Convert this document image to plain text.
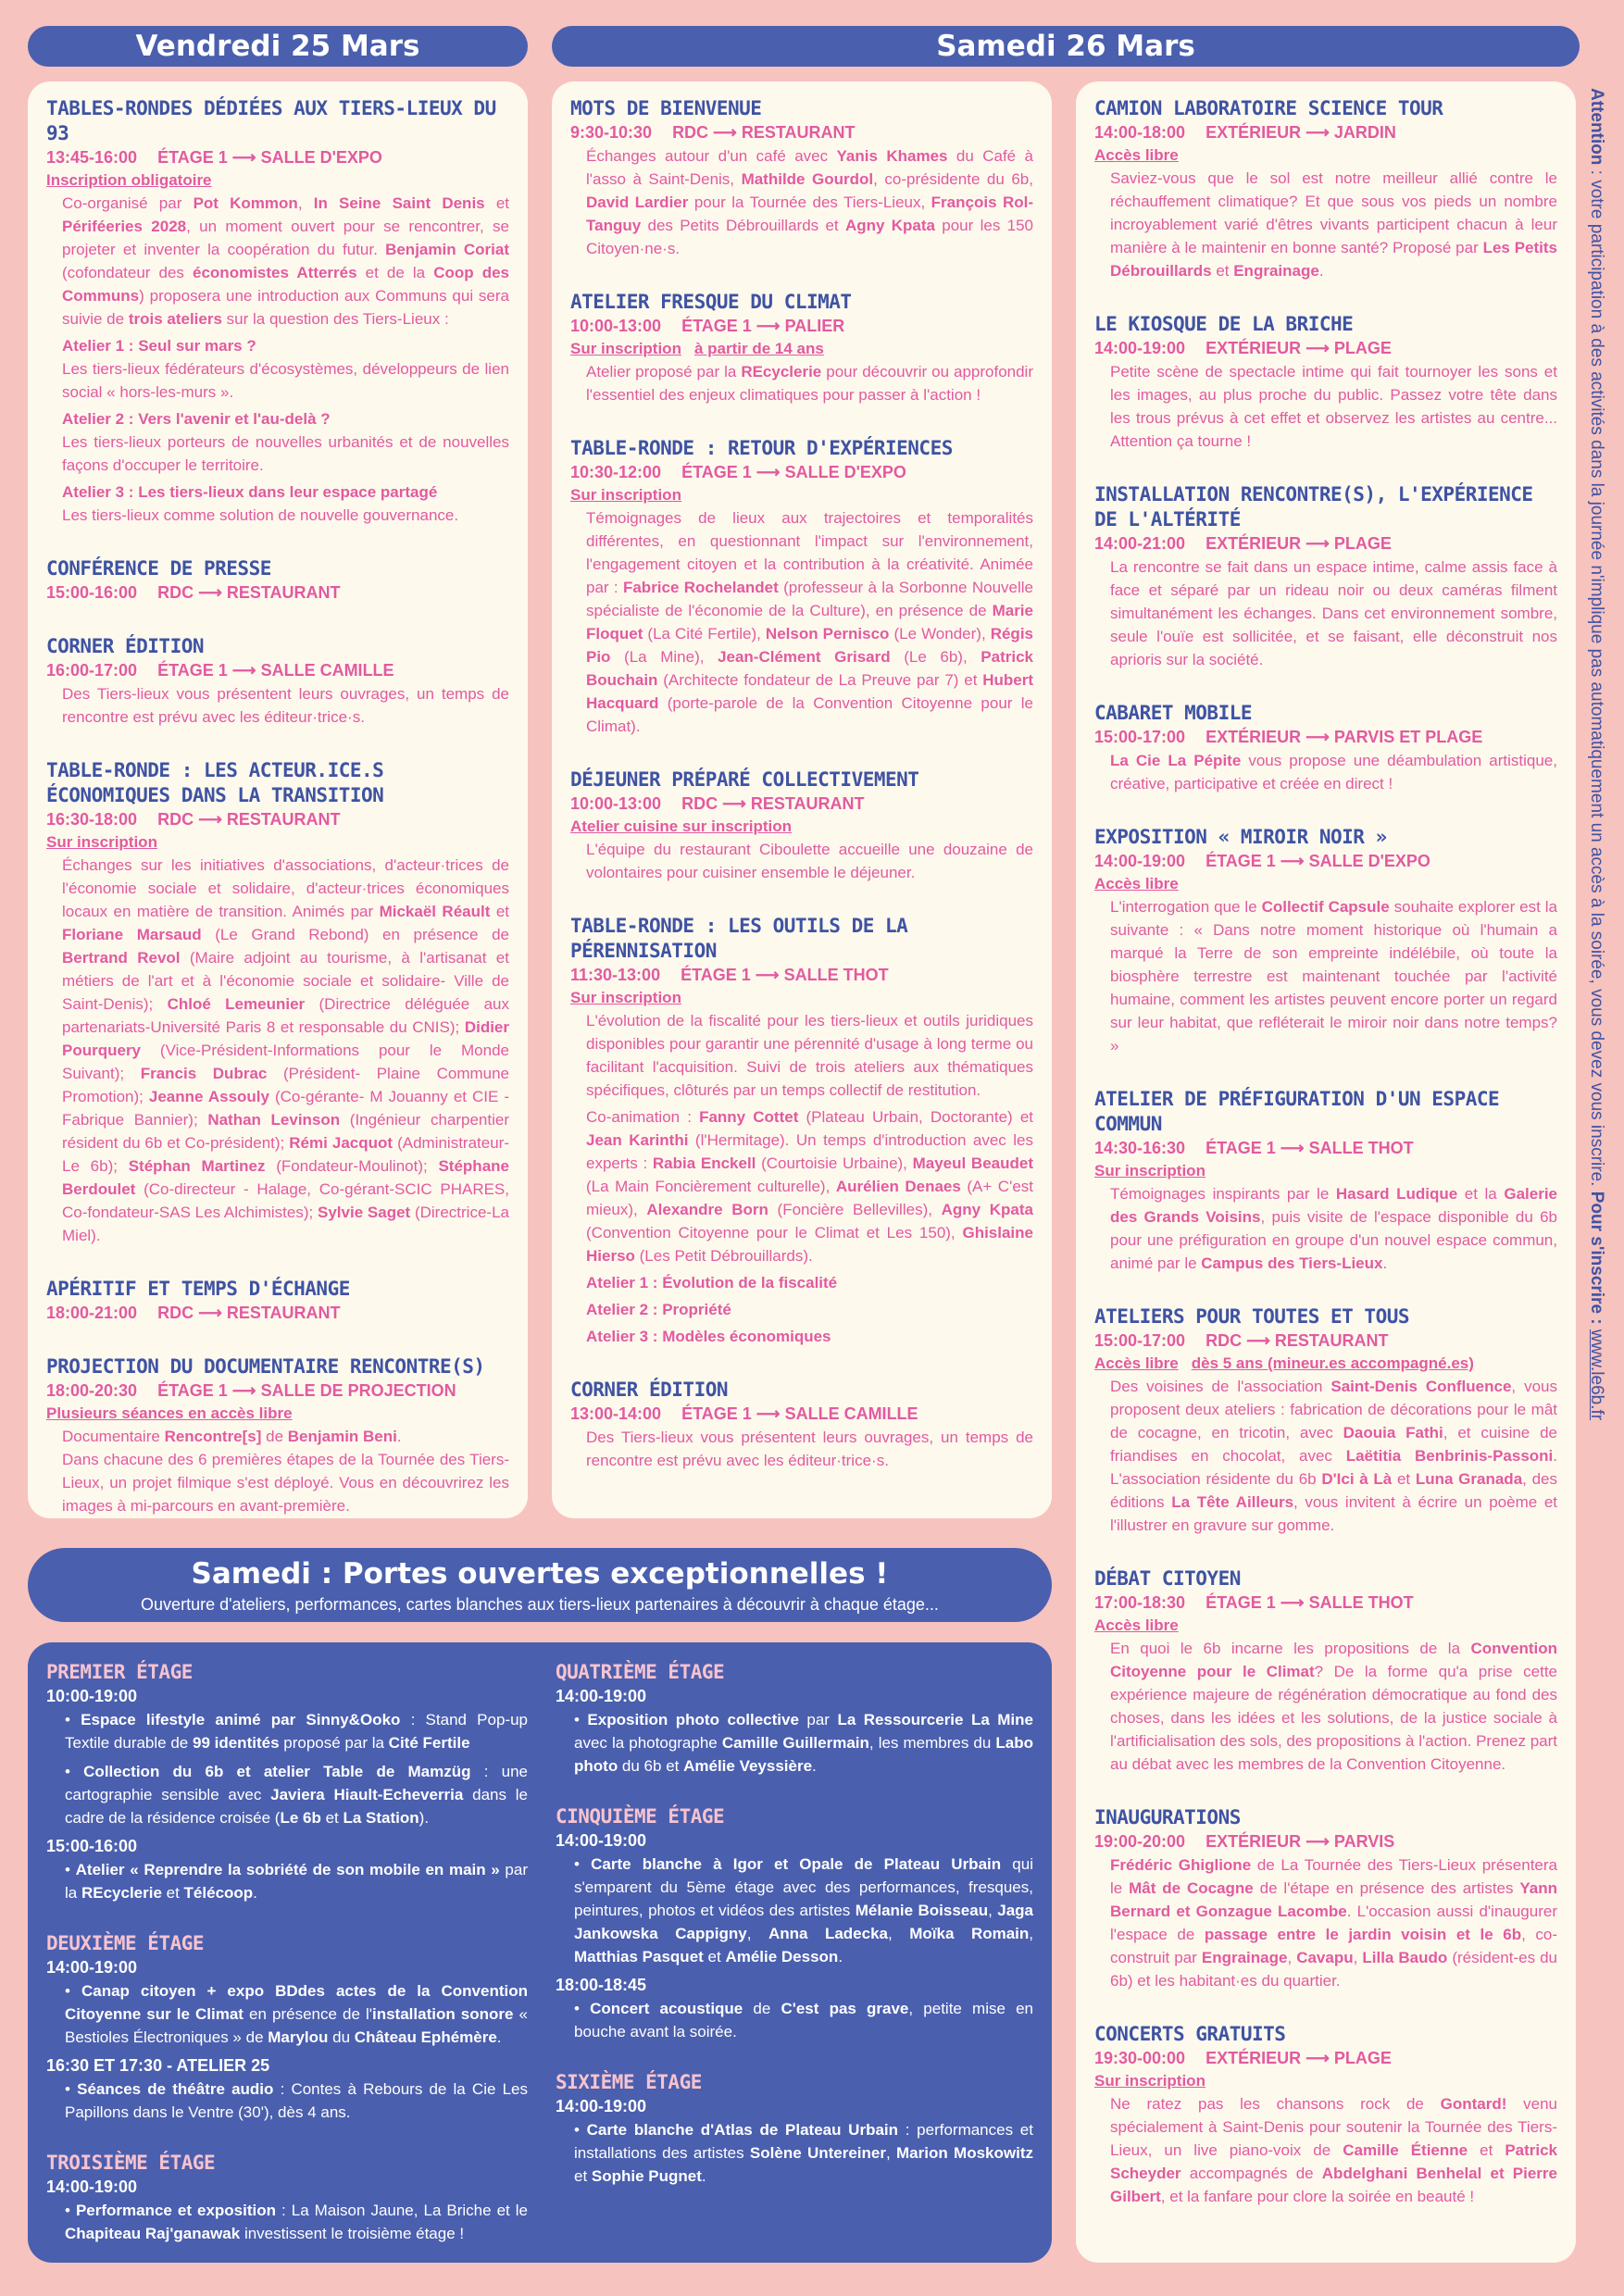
Vendredi 25 Mars	Samedi 26 Mars
TABLES-RONDES DÉDIÉES AUX TIERS-LIEUX DU 93
13:45-16:00 ÉTAGE 1 ⟶ SALLE D'EXPO
Inscription obligatoire

Co-organisé par Pot Kommon, In Seine Saint Denis et Périféeries 2028, un moment ouvert pour se rencontrer, se projeter et inventer la coopération du futur. Benjamin Coriat (cofondateur des économistes Atterrés et de la Coop des Communs) proposera une introduction aux Communs qui sera suivie de trois ateliers sur la question des Tiers-Lieux :

Atelier 1 : Seul sur mars ?
Les tiers-lieux fédérateurs d'écosystèmes, développeurs de lien social « hors-les-murs ».

Atelier 2 : Vers l'avenir et l'au-delà ?
Les tiers-lieux porteurs de nouvelles urbanités et de nouvelles façons d'occuper le territoire.

Atelier 3 : Les tiers-lieux dans leur espace partagé
Les tiers-lieux comme solution de nouvelle gouvernance.

CONFÉRENCE DE PRESSE
15:00-16:00 RDC ⟶ RESTAURANT
CORNER ÉDITION
16:00-17:00 ÉTAGE 1 ⟶ SALLE CAMILLE

Des Tiers-lieux vous présentent leurs ouvrages, un temps de rencontre est prévu avec les éditeur·trice·s.

TABLE-RONDE : LES ACTEUR.ICE.S ÉCONOMIQUES DANS LA TRANSITION
16:30-18:00 RDC ⟶ RESTAURANT
Sur inscription

Échanges sur les initiatives d'associations, d'acteur·trices de l'économie sociale et solidaire, d'acteur·trices économiques locaux en matière de transition. Animés par Mickaël Réault et Floriane Marsaud (Le Grand Rebond) en présence de Bertrand Revol (Maire adjoint au tourisme, à l'artisanat et métiers de l'art et à l'économie sociale et solidaire- Ville de Saint-Denis); Chloé Lemeunier (Directrice déléguée aux partenariats-Université Paris 8 et responsable du CNIS); Didier Pourquery (Vice-Président-Informations pour le Monde Suivant); Francis Dubrac (Président- Plaine Commune Promotion); Jeanne Assouly (Co-gérante- M Jouanny et CIE - Fabrique Bannier); Nathan Levinson (Ingénieur charpentier résident du 6b et Co-président); Rémi Jacquot (Administrateur-Le 6b); Stéphan Martinez (Fondateur-Moulinot); Stéphane Berdoulet (Co-directeur - Halage, Co-gérant-SCIC PHARES, Co-fondateur-SAS Les Alchimistes); Sylvie Saget (Directrice-La Miel).

APÉRITIF ET TEMPS D'ÉCHANGE
18:00-21:00 RDC ⟶ RESTAURANT
PROJECTION DU DOCUMENTAIRE RENCONTRE(S)
18:00-20:30 ÉTAGE 1 ⟶ SALLE DE PROJECTION
Plusieurs séances en accès libre

Documentaire Rencontre[s] de Benjamin Beni.
Dans chacune des 6 premières étapes de la Tournée des Tiers-Lieux, un projet filmique s'est déployé. Vous en découvrirez les images à mi-parcours en avant-première.

MOTS DE BIENVENUE
9:30-10:30 RDC ⟶ RESTAURANT

Échanges autour d'un café avec Yanis Khames du Café à l'asso à Saint-Denis, Mathilde Gourdol, co-présidente du 6b, David Lardier pour la Tournée des Tiers-Lieux, François Rol-Tanguy des Petits Débrouillards et Agny Kpata pour les 150 Citoyen·ne·s.

ATELIER FRESQUE DU CLIMAT
10:00-13:00 ÉTAGE 1 ⟶ PALIER
Sur inscription à partir de 14 ans

Atelier proposé par la REcyclerie pour découvrir ou approfondir l'essentiel des enjeux climatiques pour passer à l'action !

TABLE-RONDE : RETOUR D'EXPÉRIENCES
10:30-12:00 ÉTAGE 1 ⟶ SALLE D'EXPO
Sur inscription

Témoignages de lieux aux trajectoires et temporalités différentes, en questionnant l'impact sur l'environnement, l'engagement citoyen et la contribution à la créativité. Animée par : Fabrice Rochelandet (professeur à la Sorbonne Nouvelle spécialiste de l'économie de la Culture), en présence de Marie Floquet (La Cité Fertile), Nelson Pernisco (Le Wonder), Régis Pio (La Mine), Jean-Clément Grisard (Le 6b), Patrick Bouchain (Architecte fondateur de La Preuve par 7) et Hubert Hacquard (porte-parole de la Convention Citoyenne pour le Climat).

DÉJEUNER PRÉPARÉ COLLECTIVEMENT
10:00-13:00 RDC ⟶ RESTAURANT
Atelier cuisine sur inscription

L'équipe du restaurant Ciboulette accueille une douzaine de volontaires pour cuisiner ensemble le déjeuner.

TABLE-RONDE : LES OUTILS DE LA PÉRENNISATION
11:30-13:00 ÉTAGE 1 ⟶ SALLE THOT
Sur inscription

L'évolution de la fiscalité pour les tiers-lieux et outils juridiques disponibles pour garantir une pérennité d'usage à long terme ou facilitant l'acquisition. Suivi de trois ateliers aux thématiques spécifiques, clôturés par un temps collectif de restitution.

Co-animation : Fanny Cottet (Plateau Urbain, Doctorante) et Jean Karinthi (l'Hermitage). Un temps d'introduction avec les experts : Rabia Enckell (Courtoisie Urbaine), Mayeul Beaudet (La Main Foncièrement culturelle), Aurélien Denaes (A+ C'est mieux), Alexandre Born (Foncière Bellevilles), Agny Kpata (Convention Citoyenne pour le Climat et Les 150), Ghislaine Hierso (Les Petit Débrouillards).

Atelier 1 : Évolution de la fiscalité

Atelier 2 : Propriété

Atelier 3 : Modèles économiques

CORNER ÉDITION
13:00-14:00 ÉTAGE 1 ⟶ SALLE CAMILLE

Des Tiers-lieux vous présentent leurs ouvrages, un temps de rencontre est prévu avec les éditeur·trice·s.

CAMION LABORATOIRE SCIENCE TOUR
14:00-18:00 EXTÉRIEUR ⟶ JARDIN
Accès libre

Saviez-vous que le sol est notre meilleur allié contre le réchauffement climatique? Et que sous vos pieds un nombre incroyablement varié d'êtres vivants participent chacun à leur manière à le maintenir en bonne santé? Proposé par Les Petits Débrouillards et Engrainage.

LE KIOSQUE DE LA BRICHE
14:00-19:00 EXTÉRIEUR ⟶ PLAGE

Petite scène de spectacle intime qui fait tournoyer les sons et les images, au plus proche du public. Passez votre tête dans les trous prévus à cet effet et observez les artistes au centre... Attention ça tourne !

INSTALLATION RENCONTRE(S), L'EXPÉRIENCE DE L'ALTÉRITÉ
14:00-21:00 EXTÉRIEUR ⟶ PLAGE

La rencontre se fait dans un espace intime, calme assis face à face et séparé par un rideau noir ou deux caméras filment simultanément les échanges. Dans cet environnement sombre, seule l'ouïe est sollicitée, et se faisant, elle déconstruit nos aprioris sur la société.

CABARET MOBILE
15:00-17:00 EXTÉRIEUR ⟶ PARVIS ET PLAGE

La Cie La Pépite vous propose une déambulation artistique, créative, participative et créée en direct !

EXPOSITION « MIROIR NOIR »
14:00-19:00 ÉTAGE 1 ⟶ SALLE D'EXPO
Accès libre

L'interrogation que le Collectif Capsule souhaite explorer est la suivante : « Dans notre moment historique où l'humain a marqué la Terre de son empreinte indélébile, où toute la biosphère terrestre est maintenant touchée par l'activité humaine, comment les artistes peuvent encore porter un regard sur leur habitat, que refléterait le miroir noir dans notre temps? »

ATELIER DE PRÉFIGURATION D'UN ESPACE COMMUN
14:30-16:30 ÉTAGE 1 ⟶ SALLE THOT
Sur inscription

Témoignages inspirants par le Hasard Ludique et la Galerie des Grands Voisins, puis visite de l'espace disponible du 6b pour une préfiguration en groupe d'un nouvel espace commun, animé par le Campus des Tiers-Lieux.

ATELIERS POUR TOUTES ET TOUS
15:00-17:00 RDC ⟶ RESTAURANT
Accès libre dès 5 ans (mineur.es accompagné.es)

Des voisines de l'association Saint-Denis Confluence, vous proposent deux ateliers : fabrication de décorations pour le mât de cocagne, en tricotin, avec Daouia Fathi, et cuisine de friandises en chocolat, avec Laëtitia Benbrinis-Passoni. L'association résidente du 6b D'Ici à Là et Luna Granada, des éditions La Tête Ailleurs, vous invitent à écrire un poème et l'illustrer en gravure sur gomme.

DÉBAT CITOYEN
17:00-18:30 ÉTAGE 1 ⟶ SALLE THOT
Accès libre

En quoi le 6b incarne les propositions de la Convention Citoyenne pour le Climat? De la forme qu'a prise cette expérience majeure de régénération démocratique au fond des choses, dans les idées et les solutions, de la justice sociale à l'artificialisation des sols, des propositions à l'action. Prenez part au débat avec les membres de la Convention Citoyenne.

INAUGURATIONS
19:00-20:00 EXTÉRIEUR ⟶ PARVIS

Frédéric Ghiglione de La Tournée des Tiers-Lieux présentera le Mât de Cocagne de l'étape en présence des artistes Yann Bernard et Gonzague Lacombe. L'occasion aussi d'inaugurer l'espace de passage entre le jardin voisin et le 6b, co-construit par Engrainage, Cavapu, Lilla Baudo (résident-es du 6b) et les habitant·es du quartier.

CONCERTS GRATUITS
19:30-00:00 EXTÉRIEUR ⟶ PLAGE
Sur inscription

Ne ratez pas les chansons rock de Gontard! venu spécialement à Saint-Denis pour soutenir la Tournée des Tiers-Lieux, un live piano-voix de Camille Étienne et Patrick Scheyder accompagnés de Abdelghani Benhelal et Pierre Gilbert, et la fanfare pour clore la soirée en beauté !

Attention : votre participation à des activités dans la journée n'implique pas automatiquement un accès à la soirée, vous devez vous inscrire. Pour s'inscrire : www.le6b.fr
Samedi : Portes ouvertes exceptionnelles !
Ouverture d'ateliers, performances, cartes blanches aux tiers-lieux partenaires à découvrir à chaque étage...
PREMIER ÉTAGE
10:00-19:00
• Espace lifestyle animé par Sinny&Ooko : Stand Pop-up Textile durable de 99 identités proposé par la Cité Fertile
• Collection du 6b et atelier Table de Mamzüg : une cartographie sensible avec Javiera Hiault-Echeverria dans le cadre de la résidence croisée (Le 6b et La Station).
15:00-16:00
• Atelier « Reprendre la sobriété de son mobile en main » par la REcyclerie et Télécoop.
DEUXIÈME ÉTAGE
14:00-19:00
• Canap citoyen + expo BDdes actes de la Convention Citoyenne sur le Climat en présence de l'installation sonore « Bestioles Électroniques » de Marylou du Château Ephémère.
16:30 ET 17:30 - ATELIER 25
• Séances de théâtre audio : Contes à Rebours de la Cie Les Papillons dans le Ventre (30'), dès 4 ans.
TROISIÈME ÉTAGE
14:00-19:00
• Performance et exposition : La Maison Jaune, La Briche et le Chapiteau Raj'ganawak investissent le troisième étage !
QUATRIÈME ÉTAGE
14:00-19:00
• Exposition photo collective par La Ressourcerie La Mine avec la photographe Camille Guillermain, les membres du Labo photo du 6b et Amélie Veyssière.
CINQUIÈME ÉTAGE
14:00-19:00
• Carte blanche à Igor et Opale de Plateau Urbain qui s'emparent du 5ème étage avec des performances, fresques, peintures, photos et vidéos des artistes Mélanie Boisseau, Jaga Jankowska Cappigny, Anna Ladecka, Moïka Romain, Matthias Pasquet et Amélie Desson.
18:00-18:45
• Concert acoustique de C'est pas grave, petite mise en bouche avant la soirée.
SIXIÈME ÉTAGE
14:00-19:00
• Carte blanche d'Atlas de Plateau Urbain : performances et installations des artistes Solène Untereiner, Marion Moskowitz et Sophie Pugnet.
